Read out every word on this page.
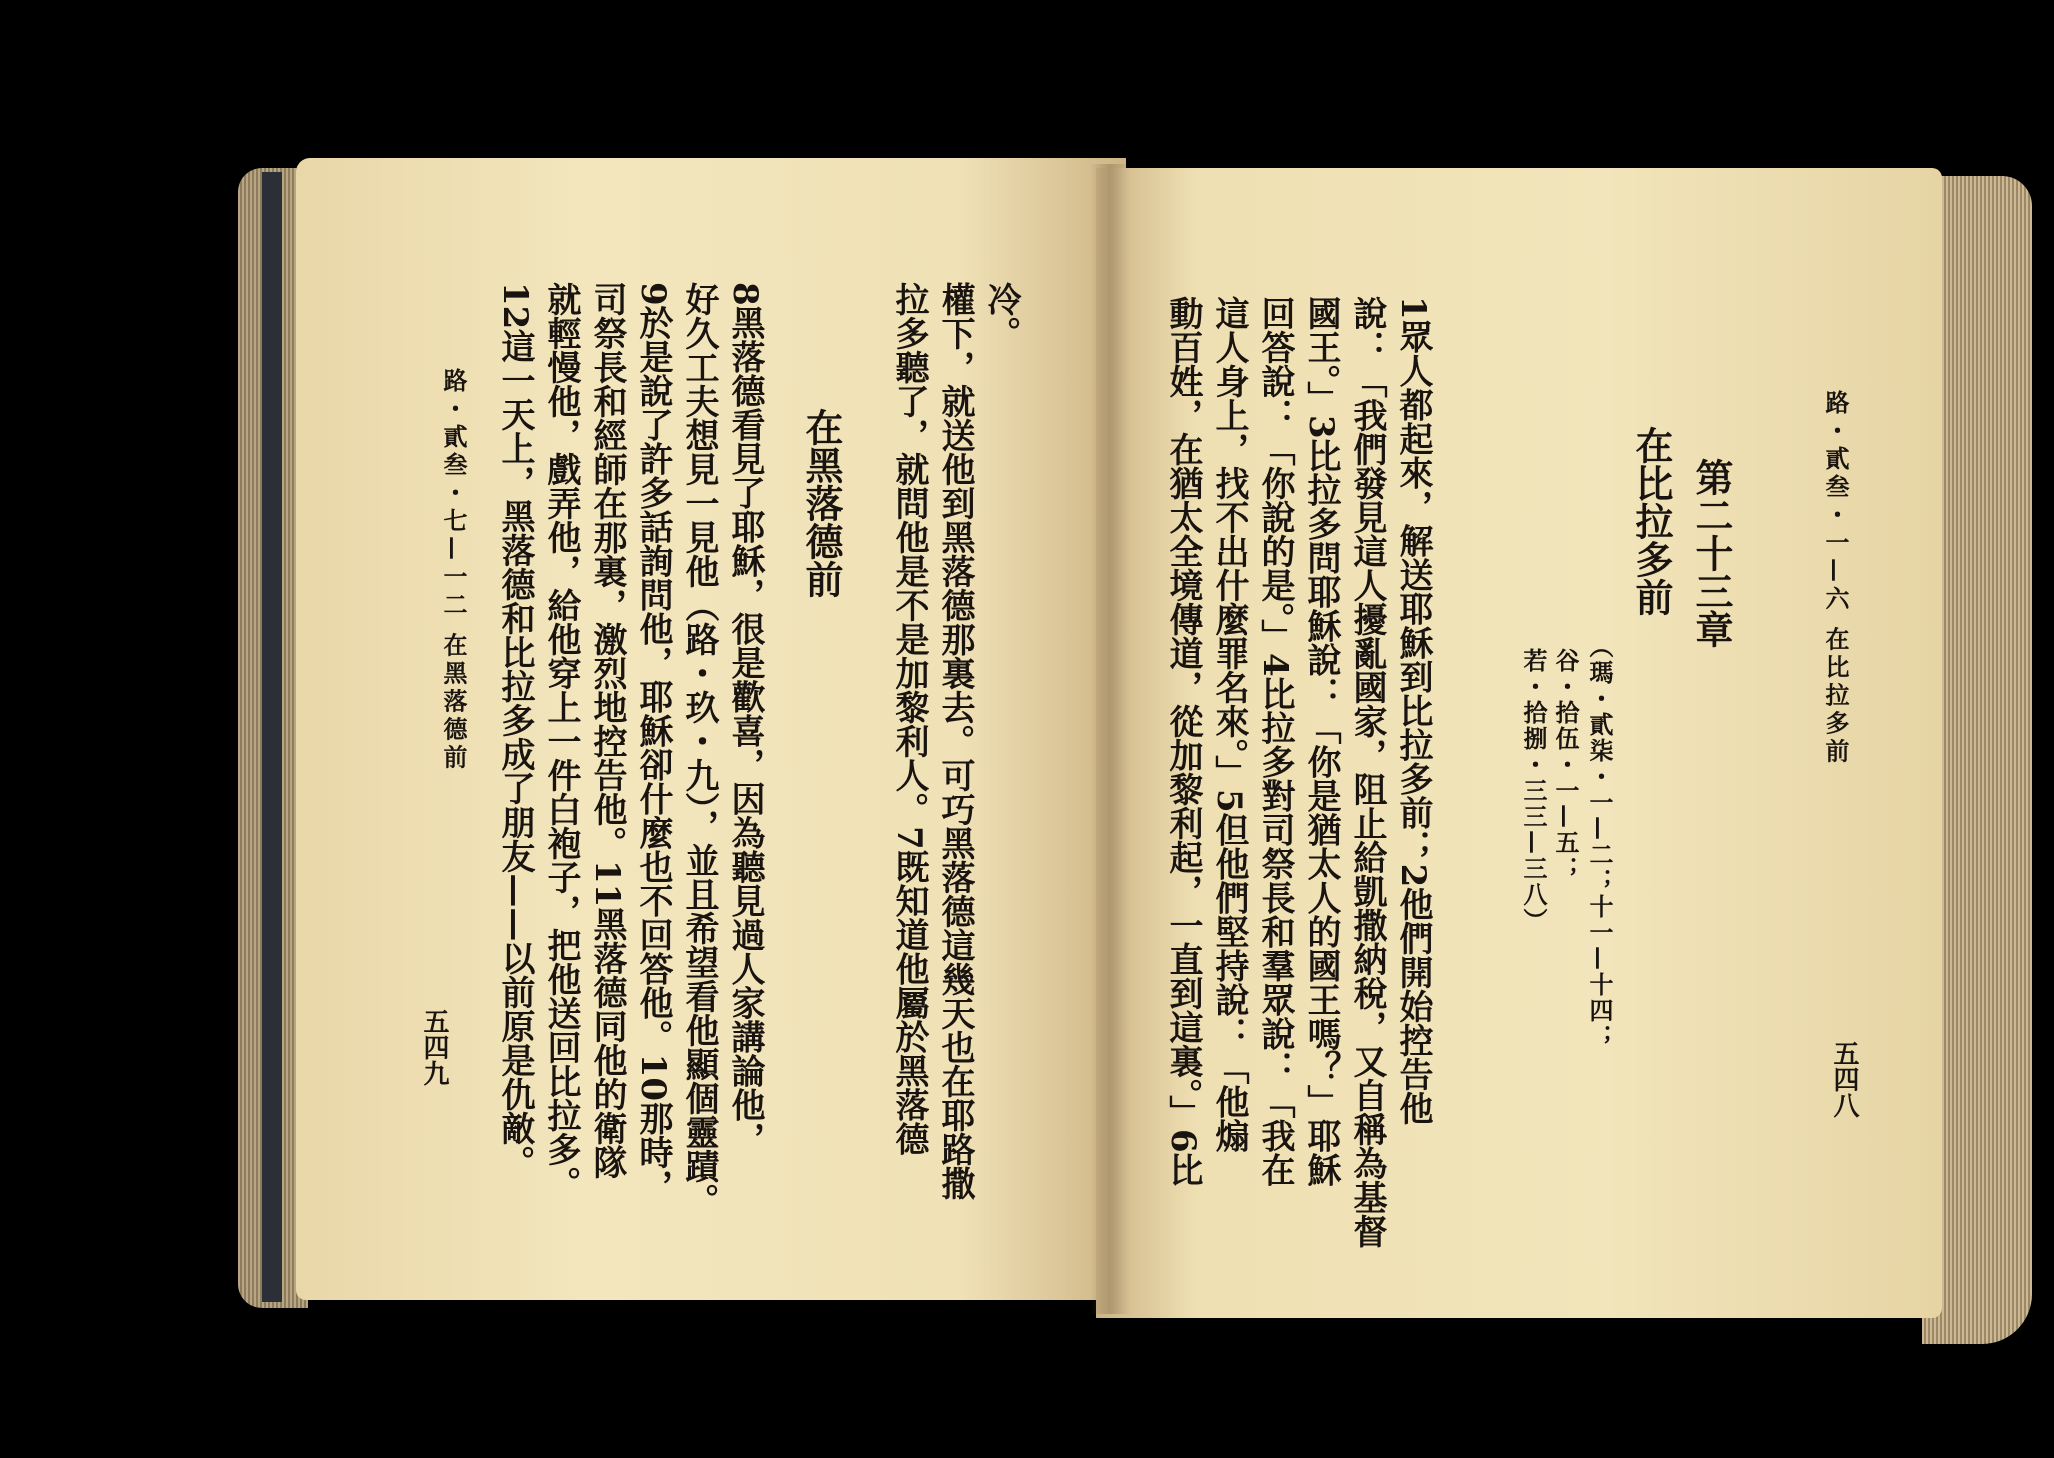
五四九
路・貳叁・七—一二 在黑落德前 12這一天上，黑落德和比拉多成了朋友——以前原是仇敵。 就輕慢他，戲弄他，給他穿上一件白袍子，把他送回比拉多。 司祭長和經師在那裏，激烈地控告他。11黑落德同他的衛隊 9於是說了許多話詢問他，耶穌卻什麼也不回答他。10那時， 好久工夫想見一見他（路・玖・九），並且希望看他顯個靈蹟。 8黑落德看見了耶穌，很是歡喜，因為聽見過人家講論他， 在黑落德前 拉多聽了，就問他是不是加黎利人。7既知道他屬於黑落德 權下，就送他到黑落德那裏去。可巧黑落德這幾天也在耶路撒 冷。	動百姓，在猶太全境傳道，從加黎利起，一直到這裏。」6比 這人身上，找不出什麼罪名來。」5但他們堅持說：「他煽 回答說：「你說的是。」4比拉多對司祭長和羣眾說：「我在 國王。」3比拉多問耶穌說：「你是猶太人的國王嗎？」耶穌 說：「我們發見這人擾亂國家，阻止給凱撒納稅，又自稱為基督 1眾人都起來，解送耶穌到比拉多前；2他們開始控告他	若・拾捌・三三—三八） 谷・拾伍・一—五； （瑪・貳柒・一—二；十一—十四；
在比拉多前 第二十三章	路・貳叁・一—六 在比拉多前
五四八
